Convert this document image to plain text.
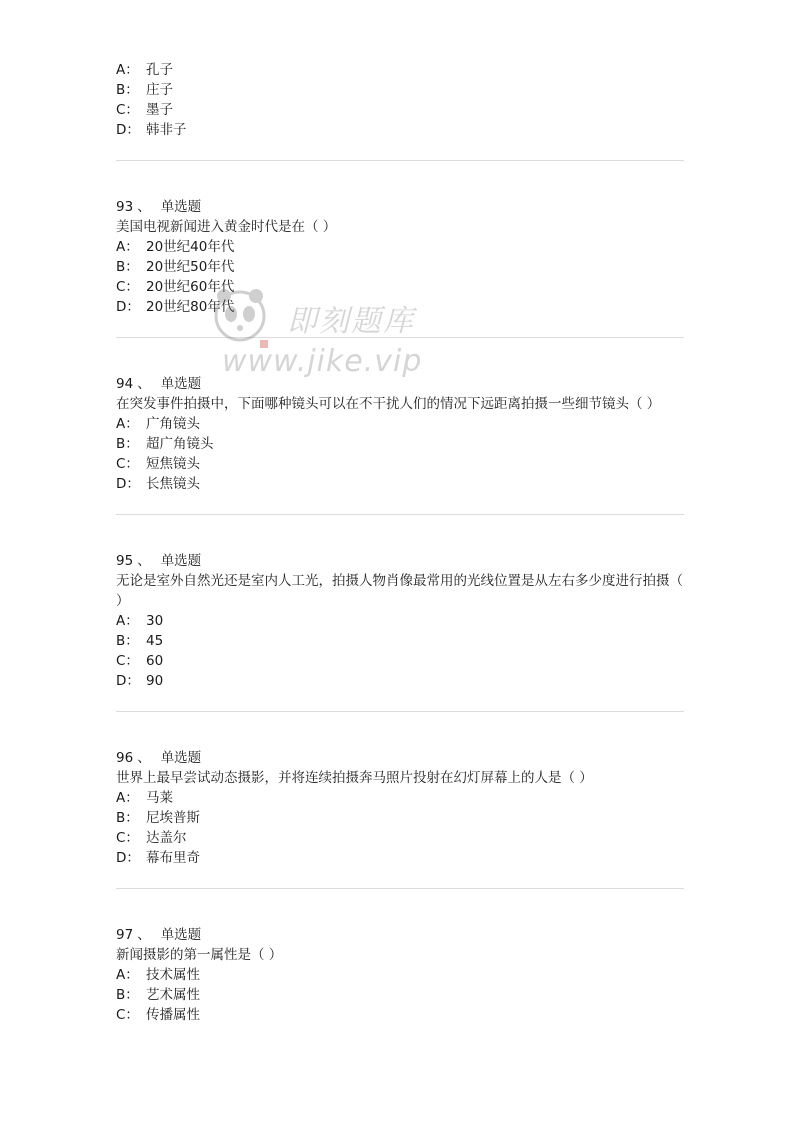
A： 孔子
B： 庄子
C： 墨子
D： 韩非子
93 、 单选题
美国电视新闻进入黄金时代是在（ ）
A： 20世纪40年代
B： 20世纪50年代
C： 20世纪60年代
D： 20世纪80年代
94 、 单选题
在突发事件拍摄中，下面哪种镜头可以在不干扰人们的情况下远距离拍摄一些细节镜头（ ）
A： 广角镜头
B： 超广角镜头
C： 短焦镜头
D： 长焦镜头
95 、 单选题
无论是室外自然光还是室内人工光，拍摄人物肖像最常用的光线位置是从左右多少度进行拍摄（ ）
A： 30
B： 45
C： 60
D： 90
96 、 单选题
世界上最早尝试动态摄影，并将连续拍摄奔马照片投射在幻灯屏幕上的人是（ ）
A： 马莱
B： 尼埃普斯
C： 达盖尔
D： 幕布里奇
97 、 单选题
新闻摄影的第一属性是（ ）
A： 技术属性
B： 艺术属性
C： 传播属性
即刻题库
www.jike.vip
